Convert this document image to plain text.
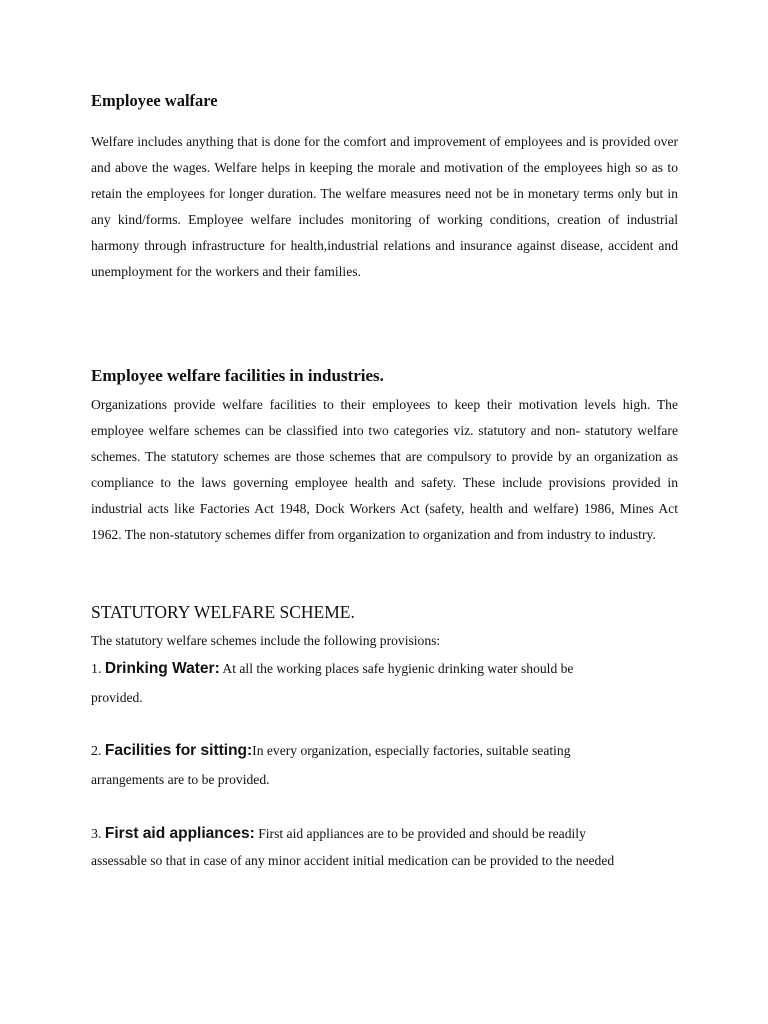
Employee walfare
Welfare includes anything that is done for the comfort and improvement of employees and is provided over and above the wages. Welfare helps in keeping the morale and motivation of the employees high so as to retain the employees for longer duration. The welfare measures need not be in monetary terms only but in any kind/forms. Employee welfare includes monitoring of working conditions, creation of industrial harmony through infrastructure for health,industrial relations and insurance against disease, accident and unemployment for the workers and their families.
Employee welfare facilities in industries.
Organizations provide welfare facilities to their employees to keep their motivation levels high. The employee welfare schemes can be classified into two categories viz. statutory and non- statutory welfare schemes. The statutory schemes are those schemes that are compulsory to provide by an organization as compliance to the laws governing employee health and safety. These include provisions provided in industrial acts like Factories Act 1948, Dock Workers Act (safety, health and welfare) 1986, Mines Act 1962. The non-statutory schemes differ from organization to organization and from industry to industry.
STATUTORY WELFARE SCHEME.

The statutory welfare schemes include the following provisions:

1. Drinking Water: At all the working places safe hygienic drinking water should be

provided.

2. Facilities for sitting:In every organization, especially factories, suitable seating

arrangements are to be provided.

3. First aid appliances: First aid appliances are to be provided and should be readily

assessable so that in case of any minor accident initial medication can be provided to the needed
